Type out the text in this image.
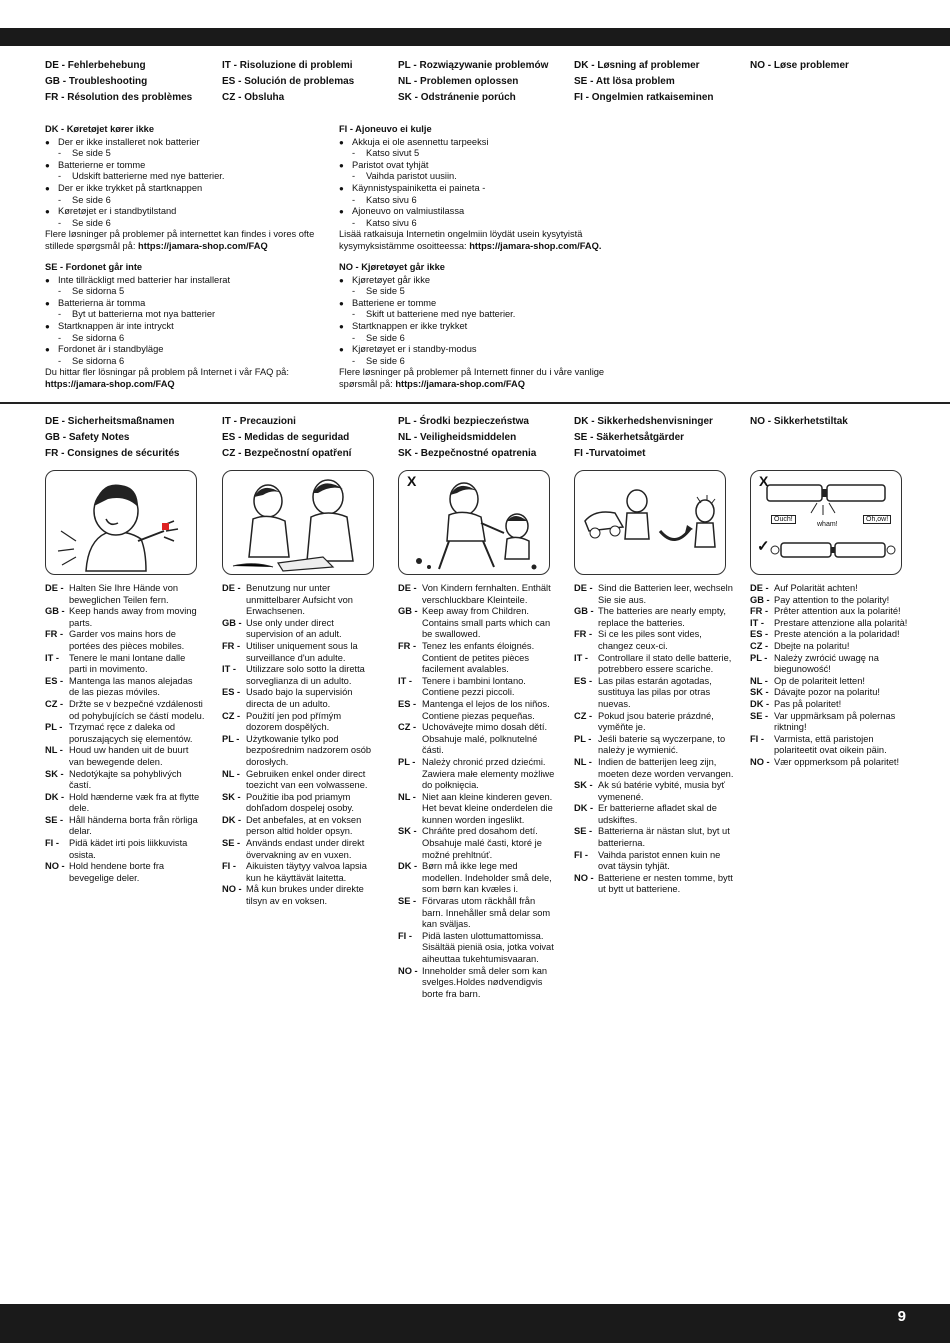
DE - Fehlerbehebung
GB - Troubleshooting
FR - Résolution des problèmes
IT - Risoluzione di problemi
ES - Solución de problemas
CZ - Obsluha
PL - Rozwiązywanie problemów
NL - Problemen oplossen
SK - Odstránenie porúch
DK - Løsning af problemer
SE - Att lösa problem
FI - Ongelmien ratkaiseminen
NO - Løse problemer
DK - Køretøjet kører ikke
● Der er ikke installeret nok batterier
- Se side 5
● Batterierne er tomme
- Udskift batterierne med nye batterier.
● Der er ikke trykket på startknappen
- Se side 6
● Køretøjet er i standbytilstand
- Se side 6
Flere løsninger på problemer på internettet kan findes i vores ofte stillede spørgsmål på: https://jamara-shop.com/FAQ
FI - Ajoneuvo ei kulje
● Akkuja ei ole asennettu tarpeeksi
- Katso sivut 5
● Paristot ovat tyhjät
- Vaihda paristot uusiin.
● Käynnistyspainiketta ei paineta -
- Katso sivu 6
● Ajoneuvo on valmiustilassa
- Katso sivu 6
Lisää ratkaisuja Internetin ongelmiin löydät usein kysytyistä kysymyksistämme osoitteessa: https://jamara-shop.com/FAQ.
SE - Fordonet går inte
● Inte tillräckligt med batterier har installerat
- Se sidorna 5
● Batterierna är tomma
- Byt ut batterierna mot nya batterier
● Startknappen är inte intryckt
- Se sidorna 6
● Fordonet är i standbyläge
- Se sidorna 6
Du hittar fler lösningar på problem på Internet i vår FAQ på: https://jamara-shop.com/FAQ
NO - Kjøretøyet går ikke
● Kjøretøyet går ikke
- Se side 5
● Batteriene er tomme
- Skift ut batteriene med nye batterier.
● Startknappen er ikke trykket
- Se side 6
● Kjøretøyet er i standby-modus
- Se side 6
Flere løsninger på problemer på Internett finner du i våre vanlige spørsmål på: https://jamara-shop.com/FAQ
DE - Sicherheitsmaßnamen
GB - Safety Notes
FR - Consignes de sécurités
IT - Precauzioni
ES - Medidas de seguridad
CZ - Bezpečnostní opatření
PL - Środki bezpieczeństwa
NL - Veiligheidsmiddelen
SK - Bezpečnostné opatrenia
DK - Sikkerhedshenvisninger
SE - Säkerhetsåtgärder
FI -Turvatoimet
NO - Sikkerhetstiltak
X	X
✓
Ouch!
wham!
Oh,ow!
DE - Halten Sie Ihre Hände von beweglichen Teilen fern.
GB - Keep hands away from moving parts.
FR - Garder vos mains hors de portées des pièces mobiles.
IT -	Tenere le mani lontane dalle parti in movimento.
ES - Mantenga las manos alejadas de las piezas móviles.
CZ - Držte se v bezpečné vzdálenosti od pohybujících se částí modelu.
PL - Trzymać ręce z daleka od poruszających się elementów.
NL - Houd uw handen uit de buurt van bewegende delen.
SK - Nedotýkajte sa pohyblivých častí.
DK - Hold hænderne væk fra at flytte dele.
SE - Håll händerna borta från rörliga delar.
FI -	Pidä kädet irti pois liikkuvista osista.
NO - Hold hendene borte fra bevegelige deler.
DE - Benutzung nur unter unmittelbarer Aufsicht von Erwachsenen.
GB - Use only under direct supervision of an adult.
FR - Utiliser uniquement sous la surveillance d'un adulte.
IT -	Utilizzare solo sotto la diretta sorveglianza di un adulto.
ES - Usado bajo la supervisión directa de un adulto.
CZ - Použití jen pod přímým dozorem dospělých.
PL - Użytkowanie tylko pod bezpośrednim nadzorem osób dorosłych.
NL - Gebruiken enkel onder direct toezicht van een volwassene.
SK - Použitie iba pod priamym dohľadom dospelej osoby.
DK - Det anbefales, at en voksen person altid holder opsyn.
SE - Används endast under direkt övervakning av en vuxen.
FI -	Aikuisten täytyy valvoa lapsia kun he käyttävät laitetta.
NO - Må kun brukes under direkte tilsyn av en voksen.
DE - Von Kindern fernhalten. Enthält verschluckbare Kleinteile.
GB - Keep away from Children. Contains small parts which can be swallowed.
FR - Tenez les enfants éloignés. Contient de petites pièces facilement avalables.
IT -	Tenere i bambini lontano. Contiene pezzi piccoli.
ES - Mantenga el lejos de los niños. Contiene piezas pequeñas.
CZ - Uchovávejte mimo dosah dětí. Obsahuje malé, polknutelné části.
PL - Należy chronić przed dziećmi. Zawiera małe elementy możliwe do połknięcia.
NL - Niet aan kleine kinderen geven. Het bevat kleine onderdelen die kunnen worden ingeslikt.
SK - Chráňte pred dosahom detí. Obsahuje malé časti, ktoré je možné prehltnúť.
DK - Børn må ikke lege med modellen. Indeholder små dele, som børn kan kvæles i.
SE - Förvaras utom räckhåll från barn. Innehåller små delar som kan sväljas.
FI -	Pidä lasten ulottumattomissa. Sisältää pieniä osia, jotka voivat aiheuttaa tukehtumisvaaran.
NO - Inneholder små deler som kan svelges.Holdes nødvendigvis borte fra barn.
DE - Sind die Batterien leer, wechseln Sie sie aus.
GB - The batteries are nearly empty, replace the batteries.
FR - Si ce les piles sont vides, changez ceux-ci.
IT -	Controllare il stato delle batterie, potrebbero essere scariche.
ES - Las pilas estarán agotadas, sustituya las pilas por otras nuevas.
CZ - Pokud jsou baterie prázdné, vyměňte je.
PL - Jeśli baterie są wyczerpane, to należy je wymienić.
NL - Indien de batterijen leeg zijn, moeten deze worden vervangen.
SK - Ak sú batérie vybité, musia byť vymenené.
DK - Er batterierne afladet skal de udskiftes.
SE - Batterierna är nästan slut, byt ut batterierna.
FI -	Vaihda paristot ennen kuin ne ovat täysin tyhjät.
NO - Batteriene er nesten tomme, bytt ut bytt ut batteriene.
DE - Auf Polarität achten!
GB - Pay attention to the polarity!
FR - Prêter attention aux la polarité!
IT -	Prestare attenzione alla polarità!
ES - Preste atención a la polaridad!
CZ - Dbejte na polaritu!
PL - Należy zwrócić uwagę na biegunowość!
NL - Op de polariteit letten!
SK - Dávajte pozor na polaritu!
DK - Pas på polaritet!
SE - Var uppmärksam på polernas riktning!
FI -	Varmista, että paristojen polariteetit ovat oikein päin.
NO - Vær oppmerksom på polaritet!
9
